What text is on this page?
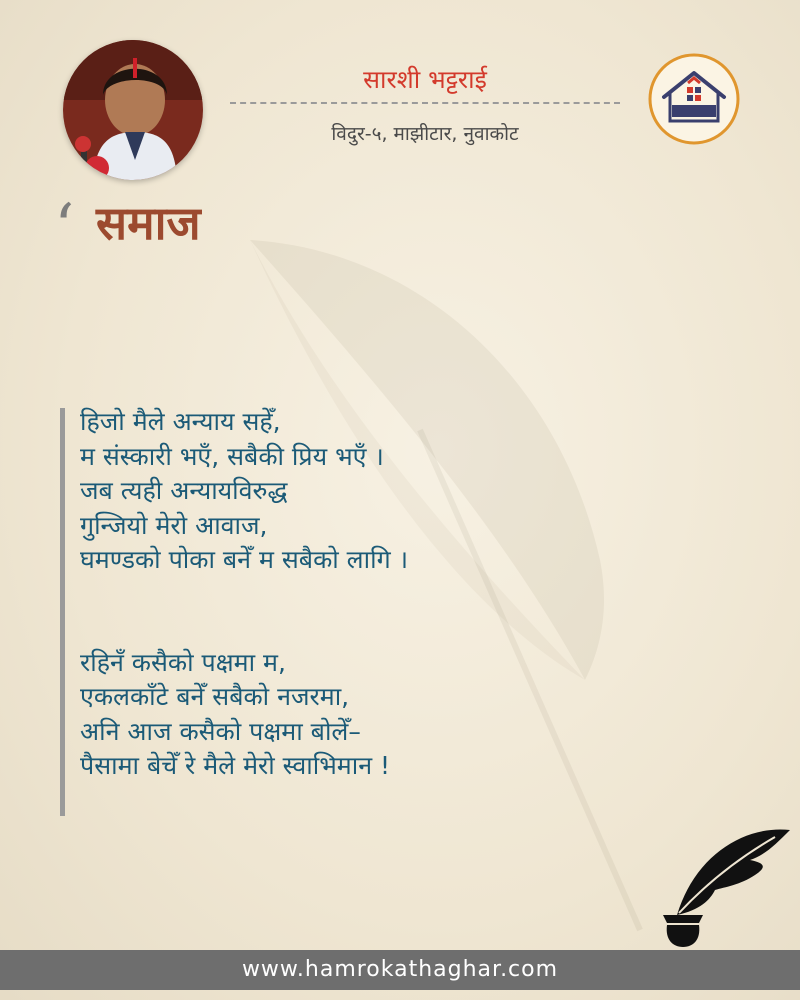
सारशी भट्टराई
विदुर-५, माझीटार, नुवाकोट
‘ समाज
हिजो मैले अन्याय सहेँ,
म संस्कारी भएँ, सबैकी प्रिय भएँ ।
जब त्यही अन्यायविरुद्ध
गुन्जियो मेरो आवाज,
घमण्डको पोका बनेँ म सबैको लागि ।
रहिनँ कसैको पक्षमा म,
एकलकाँटे बनेँ सबैको नजरमा,
अनि आज कसैको पक्षमा बोलेँ–
पैसामा बेचेँ रे मैले मेरो स्वाभिमान !
www.hamrokathaghar.com
